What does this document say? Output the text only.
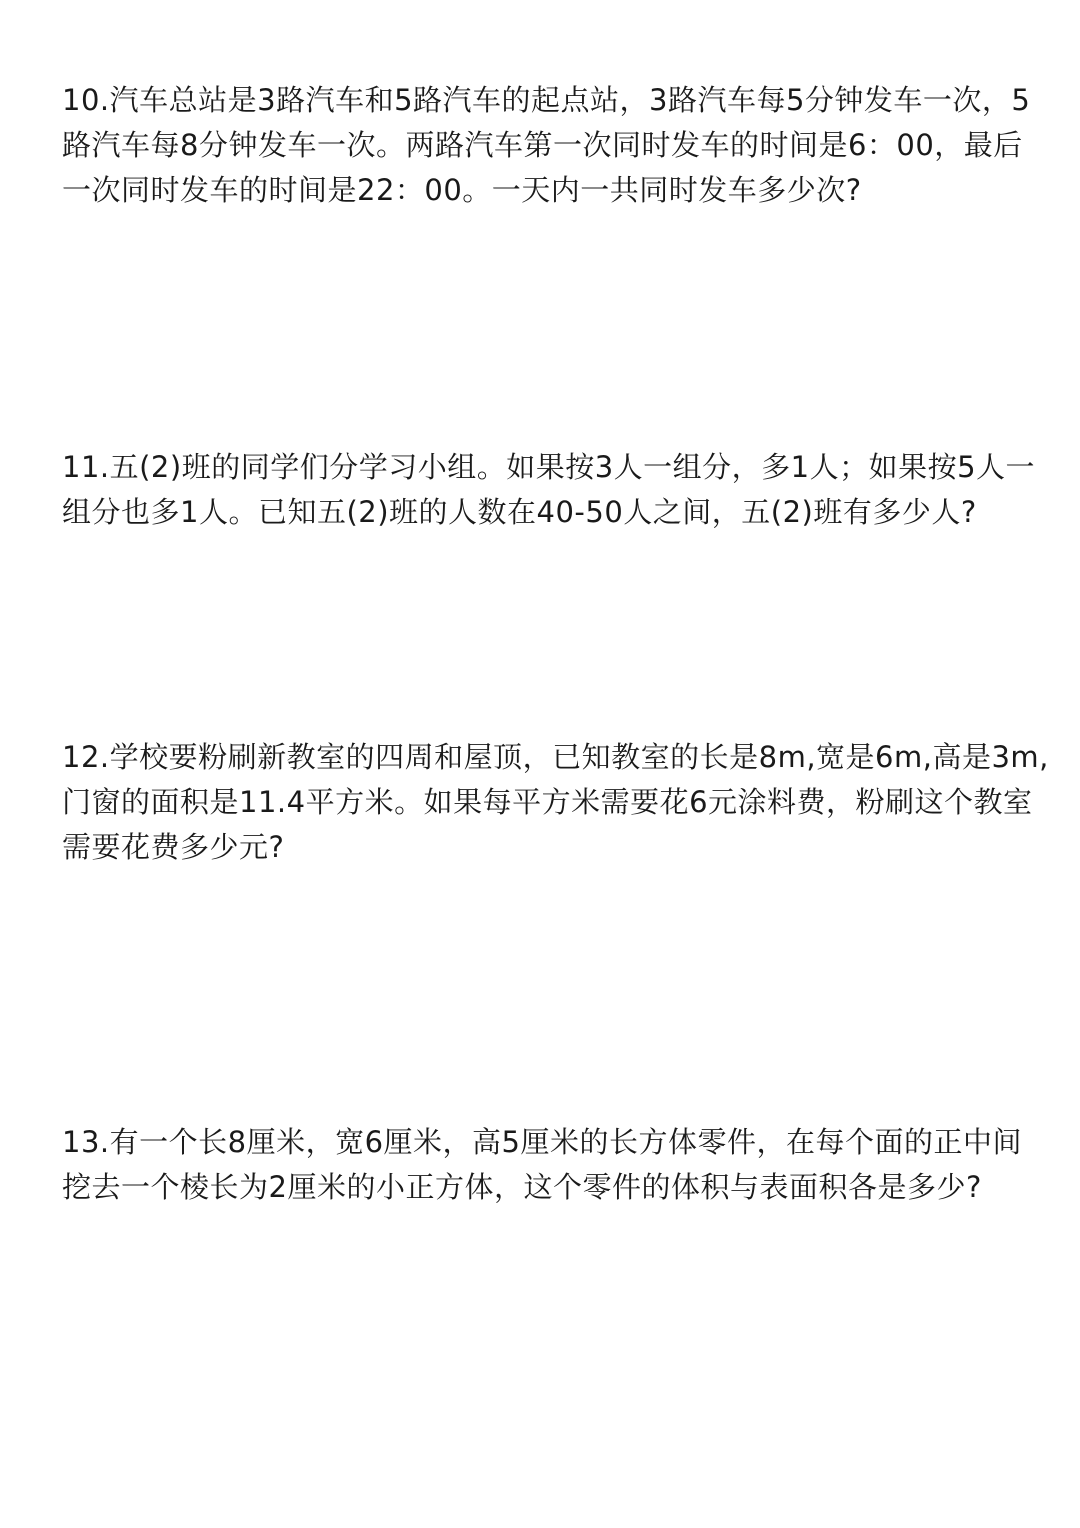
10.汽车总站是3路汽车和5路汽车的起点站，3路汽车每5分钟发车一次，5
路汽车每8分钟发车一次。两路汽车第一次同时发车的时间是6：00，最后
一次同时发车的时间是22：00。一天内一共同时发车多少次?
11.五(2)班的同学们分学习小组。如果按3人一组分，多1人；如果按5人一
组分也多1人。已知五(2)班的人数在40-50人之间，五(2)班有多少人?
12.学校要粉刷新教室的四周和屋顶，已知教室的长是8m,宽是6m,高是3m,
门窗的面积是11.4平方米。如果每平方米需要花6元涂料费，粉刷这个教室
需要花费多少元?
13.有一个长8厘米，宽6厘米，高5厘米的长方体零件，在每个面的正中间
挖去一个棱长为2厘米的小正方体，这个零件的体积与表面积各是多少?
